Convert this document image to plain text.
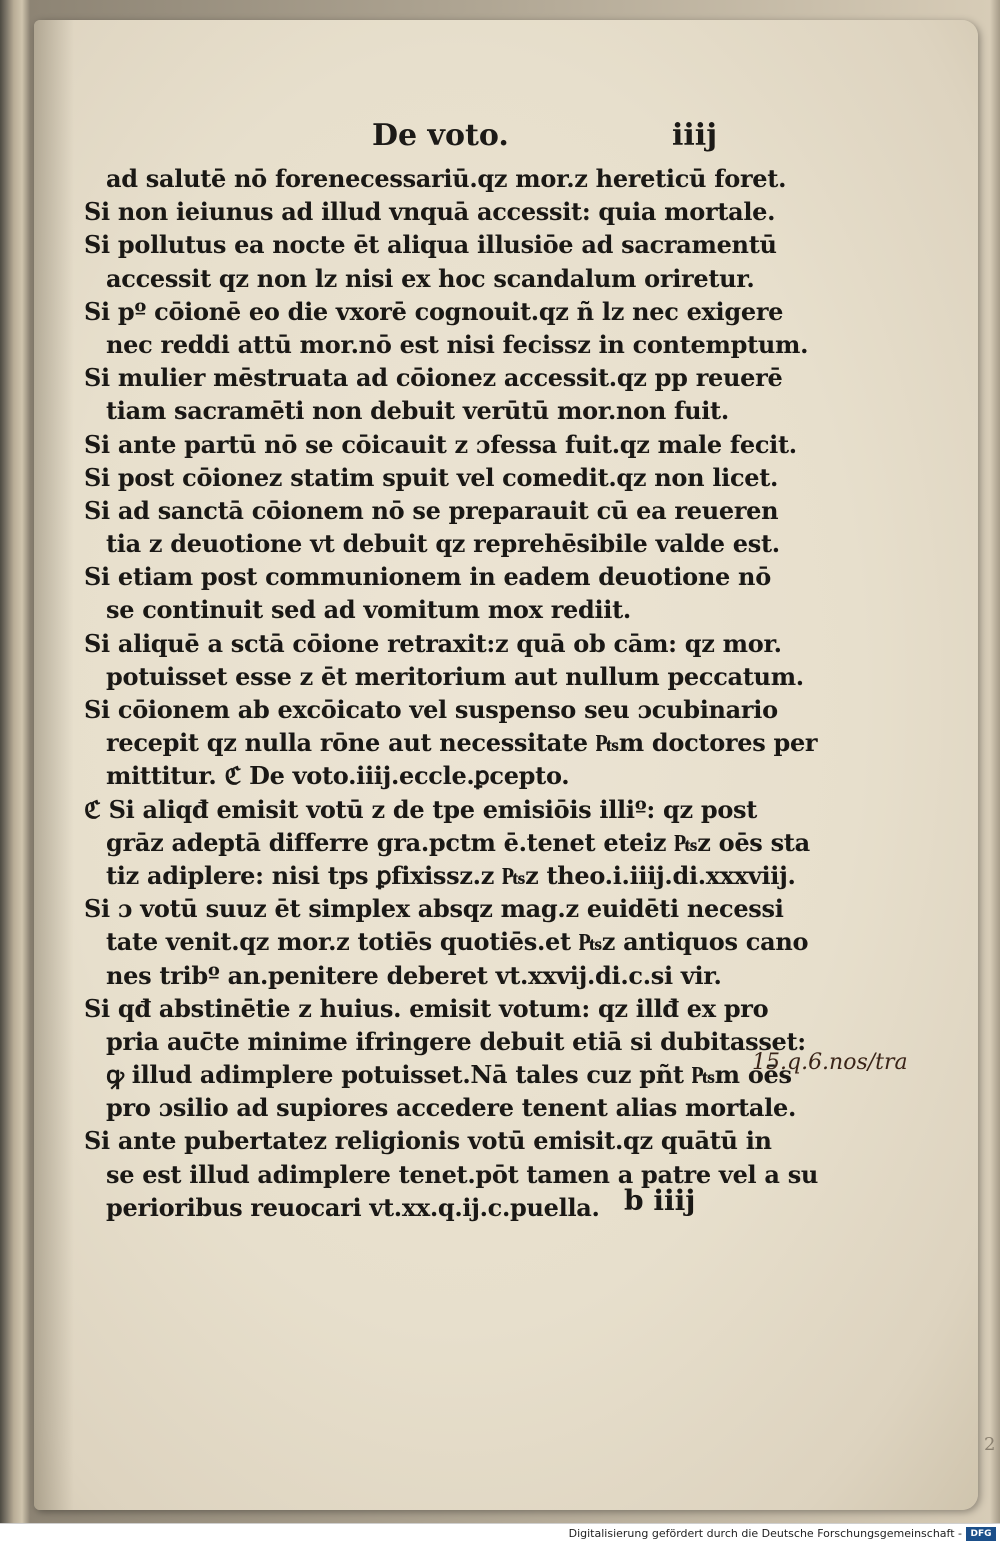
De voto.	iiij
ad salutē nō forenecessariū.qz mor.z hereticū foret.
Si non ieiunus ad illud vnquā accessit: quia mortale.
Si pollutus ea nocte ēt aliqua illusiōe ad sacramentū
accessit qz non lz nisi ex hoc scandalum oriretur.
Si pº cōionē eo die vxorē cognouit.qz ñ lz nec exigere
nec reddi attū mor.nō est nisi fecissz in contemptum.
Si mulier mēstruata ad cōionez accessit.qz pp reuerē
tiam sacramēti non debuit verūtū mor.non fuit.
Si ante partū nō se cōicauit z ɔfessa fuit.qz male fecit.
Si post cōionez statim spuit vel comedit.qz non licet.
Si ad sanctā cōionem nō se preparauit cū ea reueren
tia z deuotione vt debuit qz reprehēsibile valde est.
Si etiam post communionem in eadem deuotione nō
se continuit sed ad vomitum mox rediit.
Si aliquē a sctā cōione retraxit:z quā ob cām: qz mor.
potuisset esse z ēt meritorium aut nullum peccatum.
Si cōionem ab excōicato vel suspenso seu ɔcubinario
recepit qz nulla rōne aut necessitate ₧m doctores per
mittitur. ℭ De voto.iiij.eccle.ꝑcepto.
ℭ Si aliqđ emisit votū z de tpe emisiōis illiº: qz post
grāz adeptā differre gra.pctm ē.tenet eteiz ₧z oēs sta
tiz adiplere: nisi tps ꝑfixissz.z ₧z theo.i.iiij.di.xxxviij.
Si ɔ votū suuz ēt simplex absqz mag.z euidēti necessi
tate venit.qz mor.z totiēs quotiēs.et ₧z antiquos cano
nes tribº an.penitere deberet vt.xxvij.di.c.si vir.
Si qđ abstinētie z huius. emisit votum: qz illđ ex pro
pria auc̄te minime ifringere debuit etiā si dubitasset:
ꝙ illud adimplere potuisset.Nā tales cuz pñt ₧m oēs
pro ɔsilio ad supiores accedere tenent alias mortale.
Si ante pubertatez religionis votū emisit.qz quātū in
se est illud adimplere tenet.pōt tamen a patre vel a su
perioribus reuocari vt.xx.q.ij.c.puella.
15.q.6.nos/tra
b iiij
2
Digitalisierung gefördert durch die Deutsche Forschungsgemeinschaft - DFG
